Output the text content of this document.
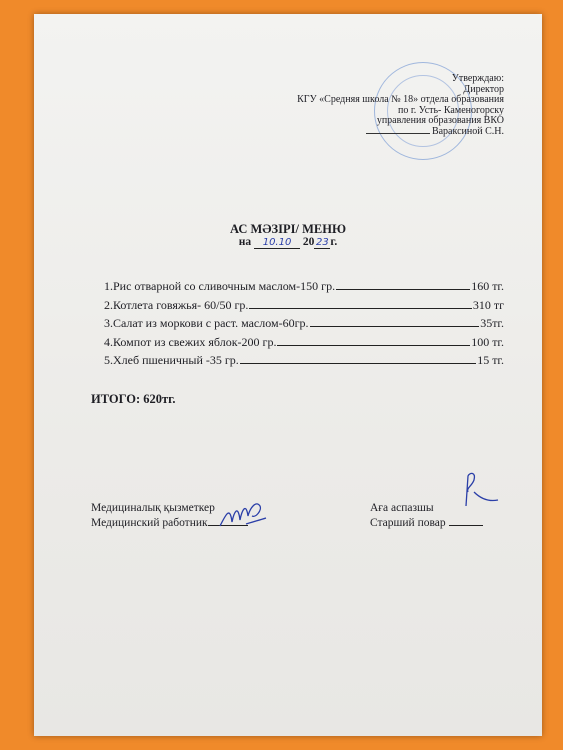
Утверждаю:
Директор
КГУ «Средняя школа № 18» отдела образования
по г. Усть- Каменогорску
управления образования ВКО
Вараксиной С.Н.
АС МӘЗІРІ/ МЕНЮ
на 10.10 20 23 г.
1.Рис отварной со сливочным маслом-150 гр.	160 тг.
2.Котлета говяжья- 60/50 гр.	310 тг
3.Салат из моркови с раст. маслом-60гр.	35тг.
4.Компот из свежих яблок-200 гр.	100 тг.
5.Хлеб пшеничный -35 гр.	15 тг.
ИТОГО: 620тг.
Медициналық қызметкер
Медицинский работник
Аға аспазшы
Старший повар
